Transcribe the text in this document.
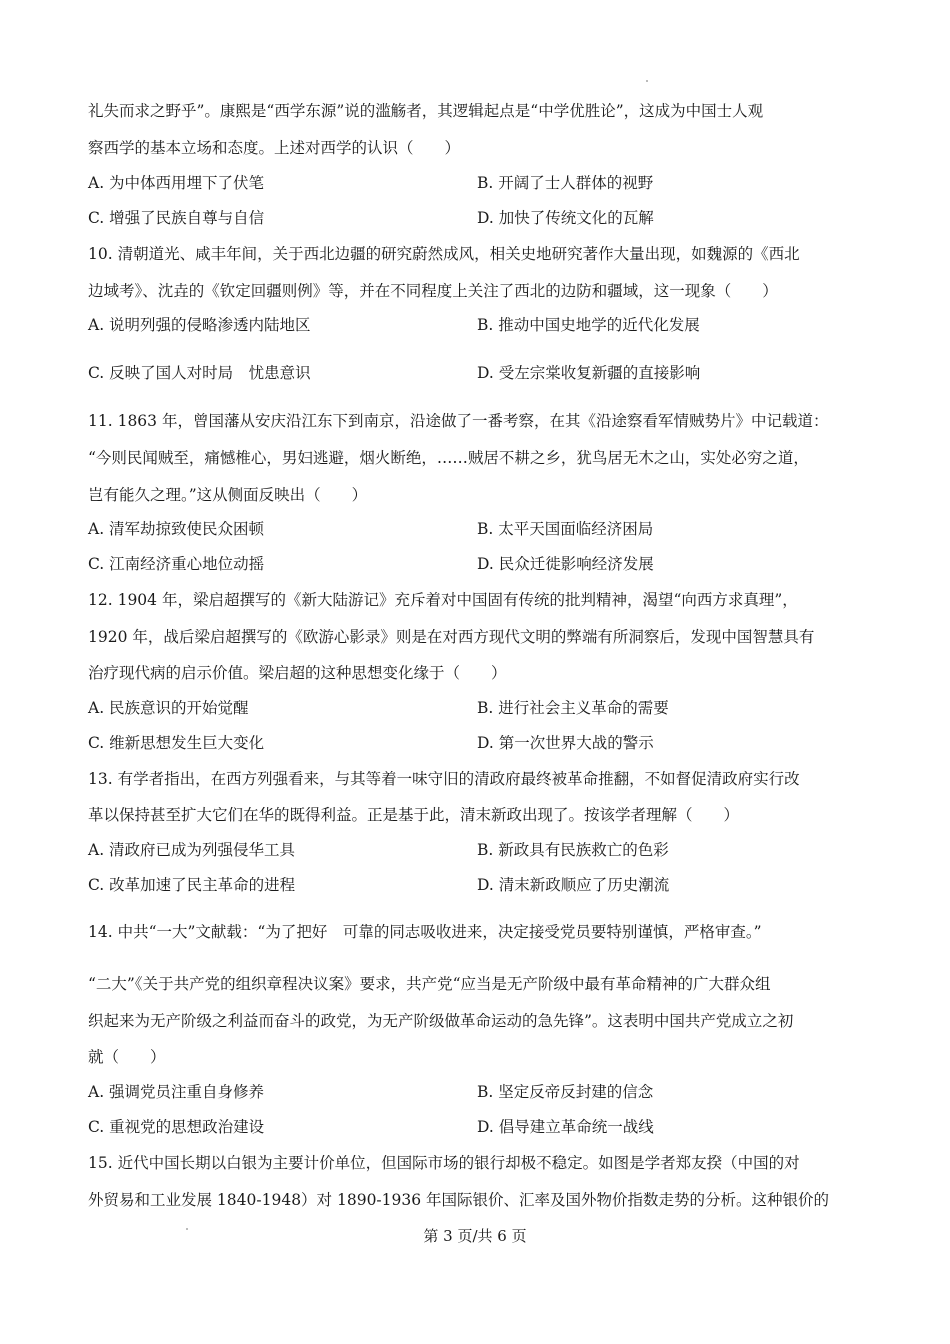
礼失而求之野乎”。康熙是“西学东源”说的滥觞者，其逻辑起点是“中学优胜论”，这成为中国士人观
察西学的基本立场和态度。上述对西学的认识（　　）
A. 为中体西用埋下了伏笔	B. 开阔了士人群体的视野
C. 增强了民族自尊与自信	D. 加快了传统文化的瓦解
10. 清朝道光、咸丰年间，关于西北边疆的研究蔚然成风，相关史地研究著作大量出现，如魏源的《西北
边域考》、沈垚的《钦定回疆则例》等，并在不同程度上关注了西北的边防和疆域，这一现象（　　）
A. 说明列强的侵略渗透内陆地区	B. 推动中国史地学的近代化发展
C. 反映了国人对时局　忧患意识	D. 受左宗棠收复新疆的直接影响
11. 1863 年，曾国藩从安庆沿江东下到南京，沿途做了一番考察，在其《沿途察看军情贼势片》中记载道：
“今则民闻贼至，痛憾椎心，男妇逃避，烟火断绝，……贼居不耕之乡，犹鸟居无木之山，实处必穷之道，
岂有能久之理。”这从侧面反映出（　　）
A. 清军劫掠致使民众困顿	B. 太平天国面临经济困局
C. 江南经济重心地位动摇	D. 民众迁徙影响经济发展
12. 1904 年，梁启超撰写的《新大陆游记》充斥着对中国固有传统的批判精神，渴望“向西方求真理”，
1920 年，战后梁启超撰写的《欧游心影录》则是在对西方现代文明的弊端有所洞察后，发现中国智慧具有
治疗现代病的启示价值。梁启超的这种思想变化缘于（　　）
A. 民族意识的开始觉醒	B. 进行社会主义革命的需要
C. 维新思想发生巨大变化	D. 第一次世界大战的警示
13. 有学者指出，在西方列强看来，与其等着一味守旧的清政府最终被革命推翻，不如督促清政府实行改
革以保持甚至扩大它们在华的既得利益。正是基于此，清末新政出现了。按该学者理解（　　）
A. 清政府已成为列强侵华工具	B. 新政具有民族救亡的色彩
C. 改革加速了民主革命的进程	D. 清末新政顺应了历史潮流
14. 中共“一大”文献载：“为了把好　可靠的同志吸收进来，决定接受党员要特别谨慎，严格审查。”
“二大”《关于共产党的组织章程决议案》要求，共产党“应当是无产阶级中最有革命精神的广大群众组
织起来为无产阶级之利益而奋斗的政党，为无产阶级做革命运动的急先锋”。这表明中国共产党成立之初
就（　　）
A. 强调党员注重自身修养	B. 坚定反帝反封建的信念
C. 重视党的思想政治建设	D. 倡导建立革命统一战线
15. 近代中国长期以白银为主要计价单位，但国际市场的银行却极不稳定。如图是学者郑友揆（中国的对
外贸易和工业发展 1840-1948）对 1890-1936 年国际银价、汇率及国外物价指数走势的分析。这种银价的
第 3 页/共 6 页
